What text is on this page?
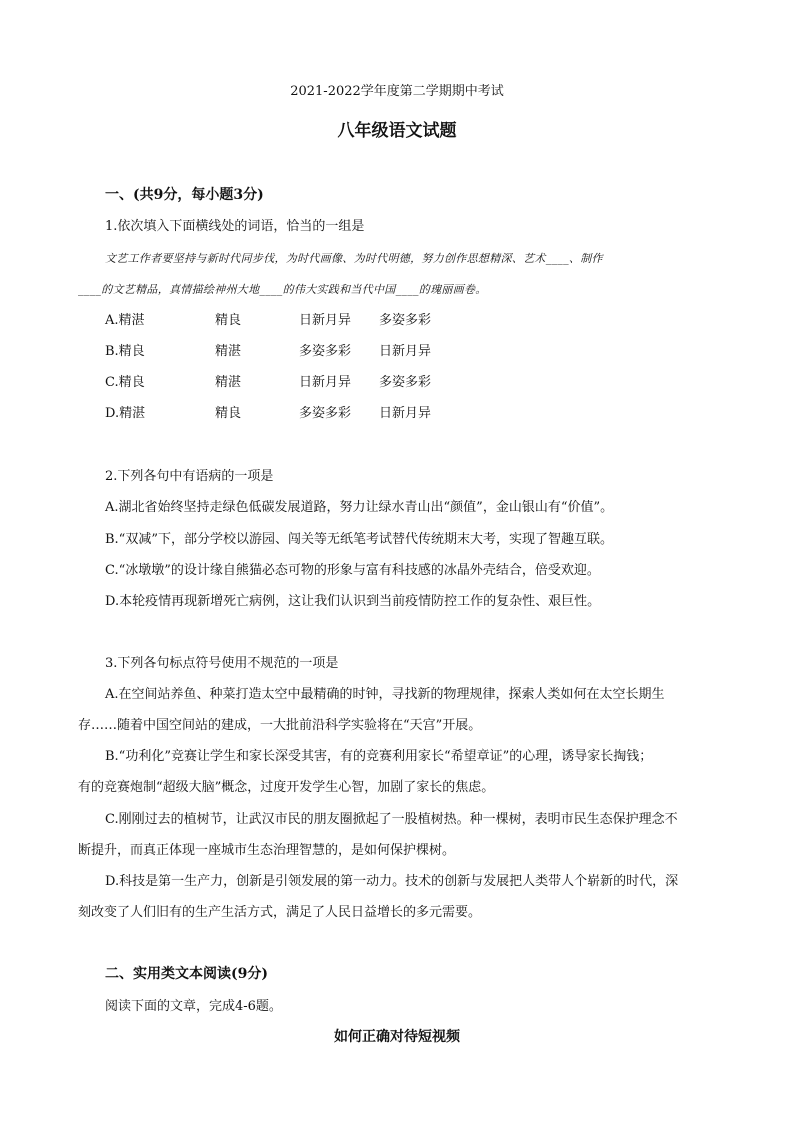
2021-2022学年度第二学期期中考试
八年级语文试题
一、(共9分，每小题3分)
1.依次填入下面横线处的词语，恰当的一组是
文艺工作者要坚持与新时代同步伐，为时代画像、为时代明德，努力创作思想精深、艺术____、制作
____的文艺精品，真情描绘神州大地____的伟大实践和当代中国____的瑰丽画卷。
A.精湛	精良	日新月异 多姿多彩
B.精良	精湛	多姿多彩 日新月异
C.精良	精湛	日新月异 多姿多彩
D.精湛	精良	多姿多彩 日新月异
2.下列各句中有语病的一项是
A.湖北省始终坚持走绿色低碳发展道路，努力让绿水青山出“颜值”，金山银山有“价值”。
B.“双减”下，部分学校以游园、闯关等无纸笔考试替代传统期末大考，实现了智趣互联。
C.“冰墩墩”的设计缘自熊猫必态可物的形象与富有科技感的冰晶外壳结合，倍受欢迎。
D.本轮疫情再现新增死亡病例，这让我们认识到当前疫情防控工作的复杂性、艰巨性。
3.下列各句标点符号使用不规范的一项是
A.在空间站养鱼、种菜打造太空中最精确的时钟，寻找新的物理规律，探索人类如何在太空长期生
存……随着中国空间站的建成，一大批前沿科学实验将在“天宫”开展。
B.“功利化”竞赛让学生和家长深受其害，有的竞赛利用家长“希望章证”的心理，诱导家长掏钱；
有的竞赛炮制“超级大脑”概念，过度开发学生心智，加剧了家长的焦虑。
C.刚刚过去的植树节，让武汉市民的朋友圈掀起了一股植树热。种一棵树，表明市民生态保护理念不
断提升，而真正体现一座城市生态治理智慧的，是如何保护棵树。
D.科技是第一生产力，创新是引领发展的第一动力。技术的创新与发展把人类带人个崭新的时代，深
刻改变了人们旧有的生产生活方式，满足了人民日益增长的多元需要。
二、实用类文本阅读(9分)
阅读下面的文章，完成4-6题。
如何正确对待短视频
